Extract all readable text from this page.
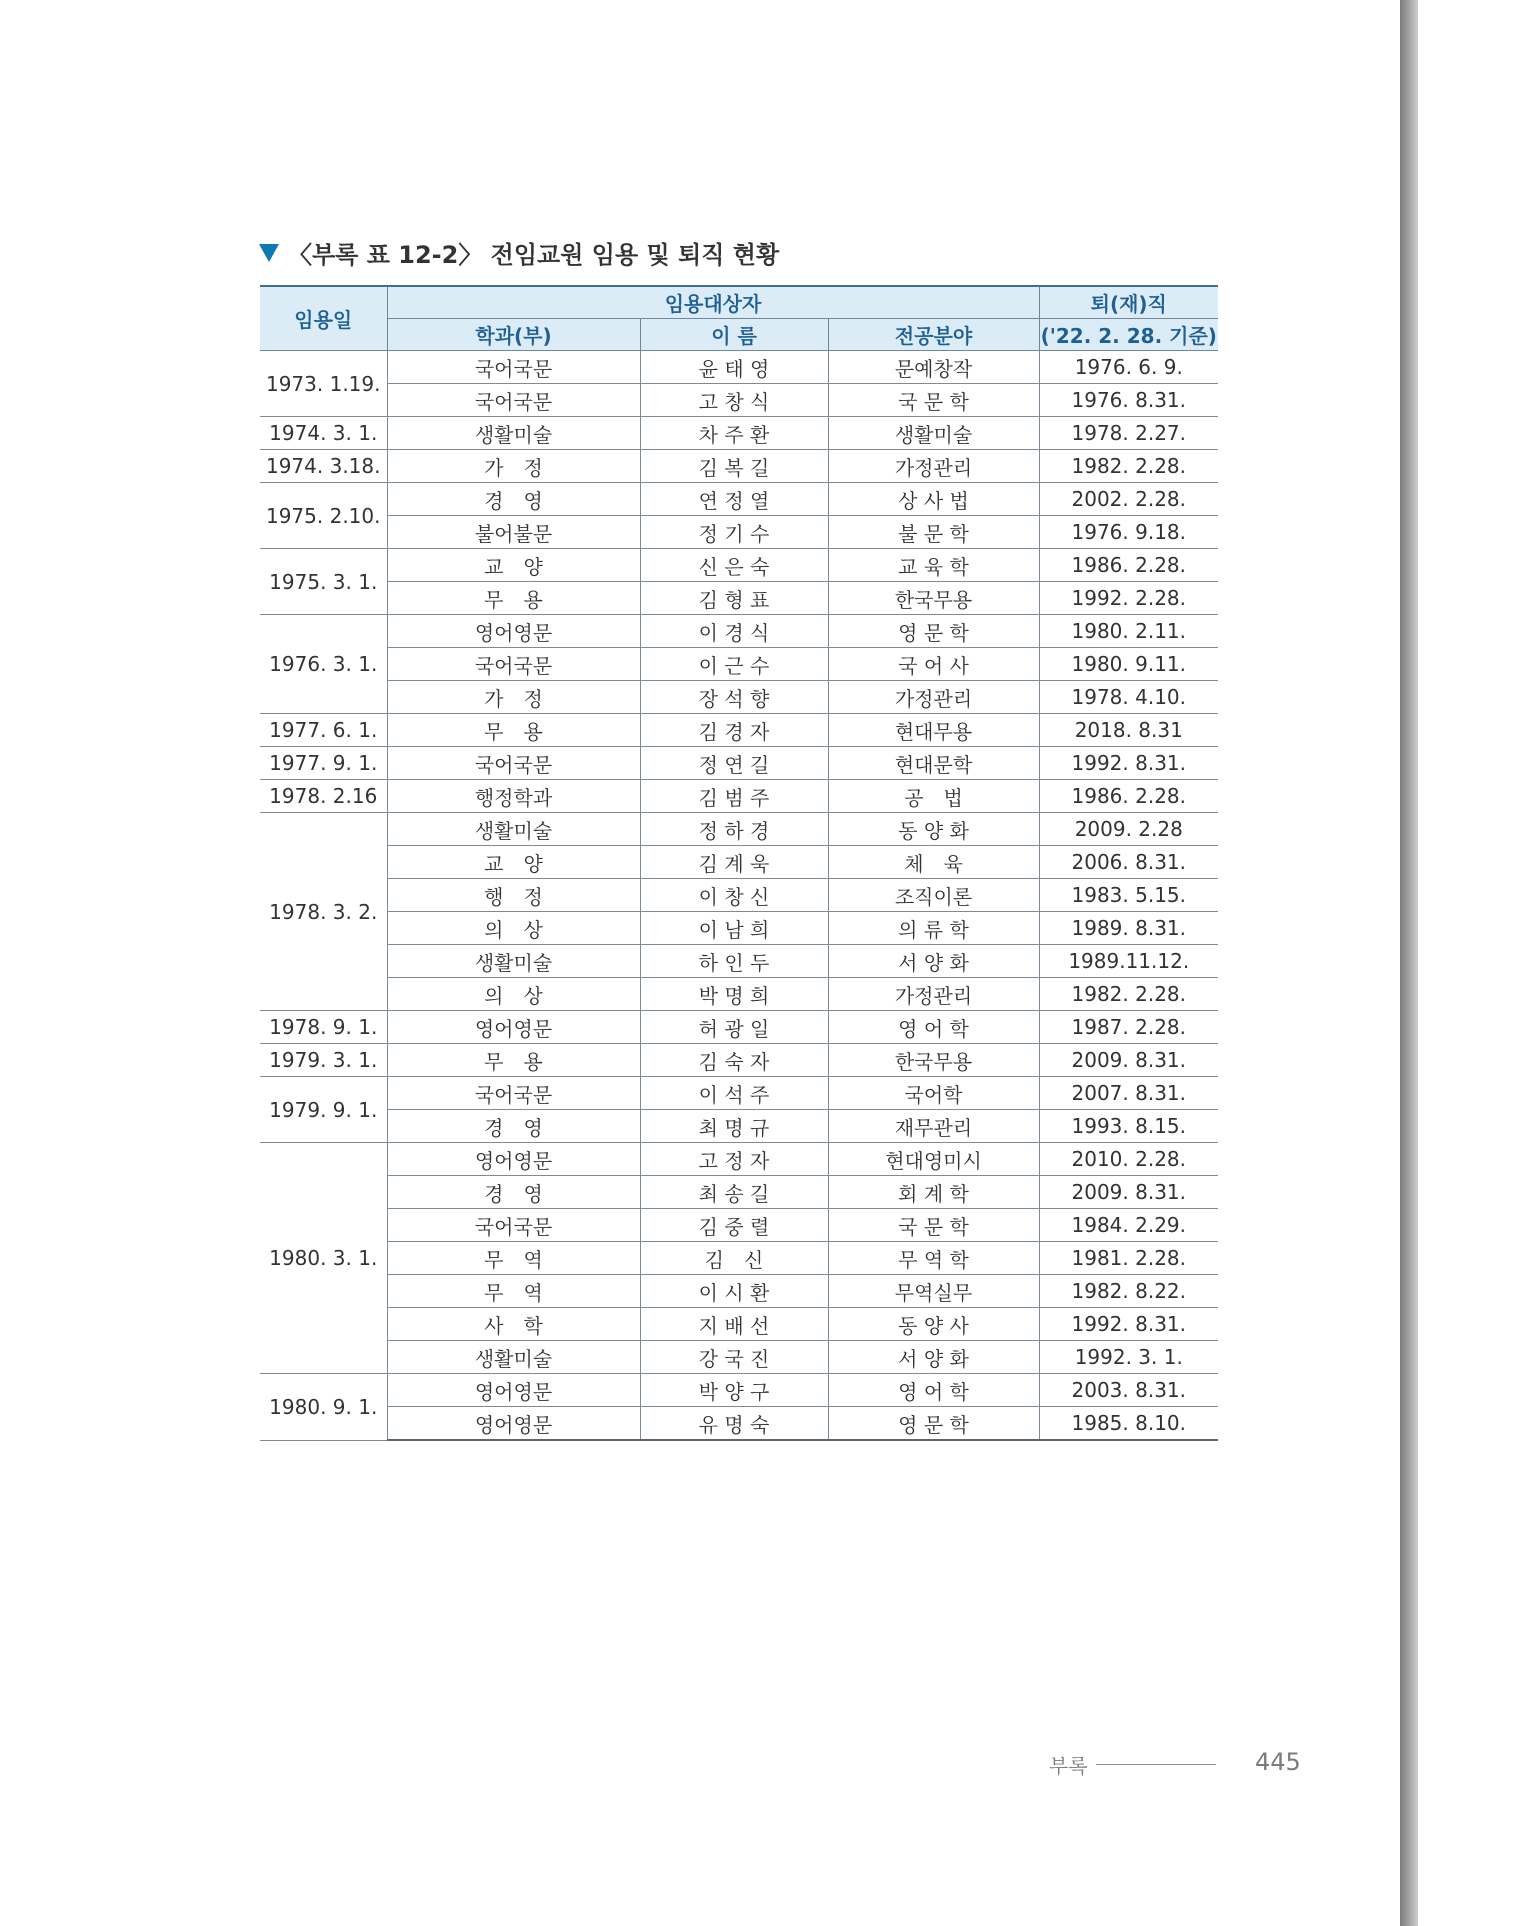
〈부록 표 12-2〉 전임교원 임용 및 퇴직 현황
임용일	임용대상자			퇴(재)직
	학과(부)	이 름	전공분야	('22. 2. 28. 기준)
1973. 1.19.	국어국문	윤 태 영	문예창작	1976. 6. 9.
	국어국문	고 창 식	국 문 학	1976. 8.31.
1974. 3. 1.	생활미술	차 주 환	생활미술	1978. 2.27.
1974. 3.18.	가　정	김 복 길	가정관리	1982. 2.28.
1975. 2.10.	경　영	연 정 열	상 사 법	2002. 2.28.
	불어불문	정 기 수	불 문 학	1976. 9.18.
1975. 3. 1.	교　양	신 은 숙	교 육 학	1986. 2.28.
	무　용	김 형 표	한국무용	1992. 2.28.
1976. 3. 1.	영어영문	이 경 식	영 문 학	1980. 2.11.
	국어국문	이 근 수	국 어 사	1980. 9.11.
	가　정	장 석 향	가정관리	1978. 4.10.
1977. 6. 1.	무　용	김 경 자	현대무용	2018. 8.31
1977. 9. 1.	국어국문	정 연 길	현대문학	1992. 8.31.
1978. 2.16	행정학과	김 범 주	공　법	1986. 2.28.
1978. 3. 2.	생활미술	정 하 경	동 양 화	2009. 2.28
	교　양	김 계 욱	체　육	2006. 8.31.
	행　정	이 창 신	조직이론	1983. 5.15.
	의　상	이 남 희	의 류 학	1989. 8.31.
	생활미술	하 인 두	서 양 화	1989.11.12.
	의　상	박 명 희	가정관리	1982. 2.28.
1978. 9. 1.	영어영문	허 광 일	영 어 학	1987. 2.28.
1979. 3. 1.	무　용	김 숙 자	한국무용	2009. 8.31.
1979. 9. 1.	국어국문	이 석 주	국어학	2007. 8.31.
	경　영	최 명 규	재무관리	1993. 8.15.
1980. 3. 1.	영어영문	고 정 자	현대영미시	2010. 2.28.
	경　영	최 송 길	회 계 학	2009. 8.31.
	국어국문	김 중 렬	국 문 학	1984. 2.29.
	무　역	김　신	무 역 학	1981. 2.28.
	무　역	이 시 환	무역실무	1982. 8.22.
	사　학	지 배 선	동 양 사	1992. 8.31.
	생활미술	강 국 진	서 양 화	1992. 3. 1.
1980. 9. 1.	영어영문	박 양 구	영 어 학	2003. 8.31.
	영어영문	유 명 숙	영 문 학	1985. 8.10.
부록	445
